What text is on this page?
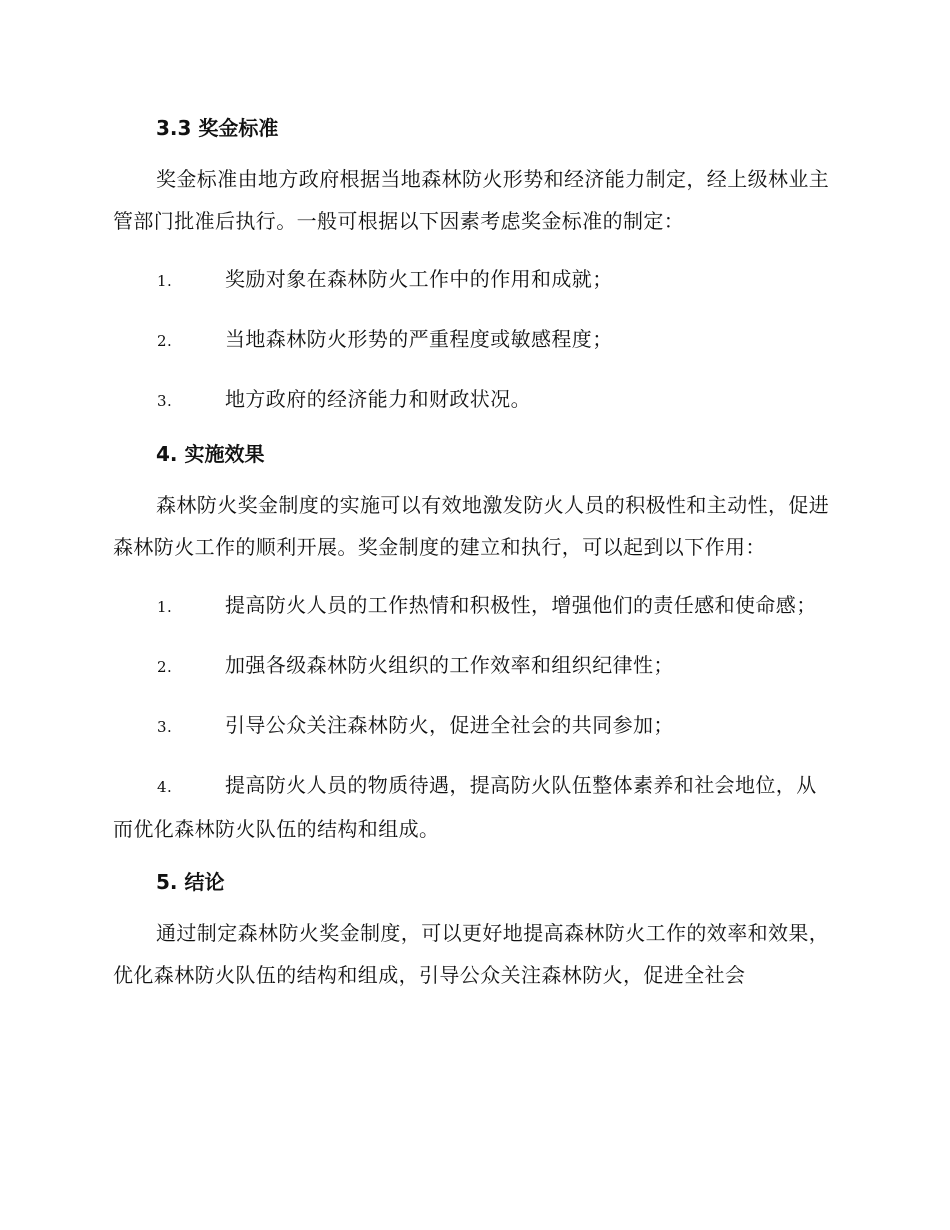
3.3 奖金标准

奖金标准由地方政府根据当地森林防火形势和经济能力制定，经上级林业主管部门批准后执行。一般可根据以下因素考虑奖金标准的制定：

1.	奖励对象在森林防火工作中的作用和成就；
2.	当地森林防火形势的严重程度或敏感程度；
3.	地方政府的经济能力和财政状况。
4. 实施效果

森林防火奖金制度的实施可以有效地激发防火人员的积极性和主动性，促进森林防火工作的顺利开展。奖金制度的建立和执行，可以起到以下作用：

1.	提高防火人员的工作热情和积极性，增强他们的责任感和使命感；
2.	加强各级森林防火组织的工作效率和组织纪律性；
3.	引导公众关注森林防火，促进全社会的共同参加；
4.	提高防火人员的物质待遇，提高防火队伍整体素养和社会地位，从而优化森林防火队伍的结构和组成。
5. 结论

通过制定森林防火奖金制度，可以更好地提高森林防火工作的效率和效果，优化森林防火队伍的结构和组成，引导公众关注森林防火，促进全社会
